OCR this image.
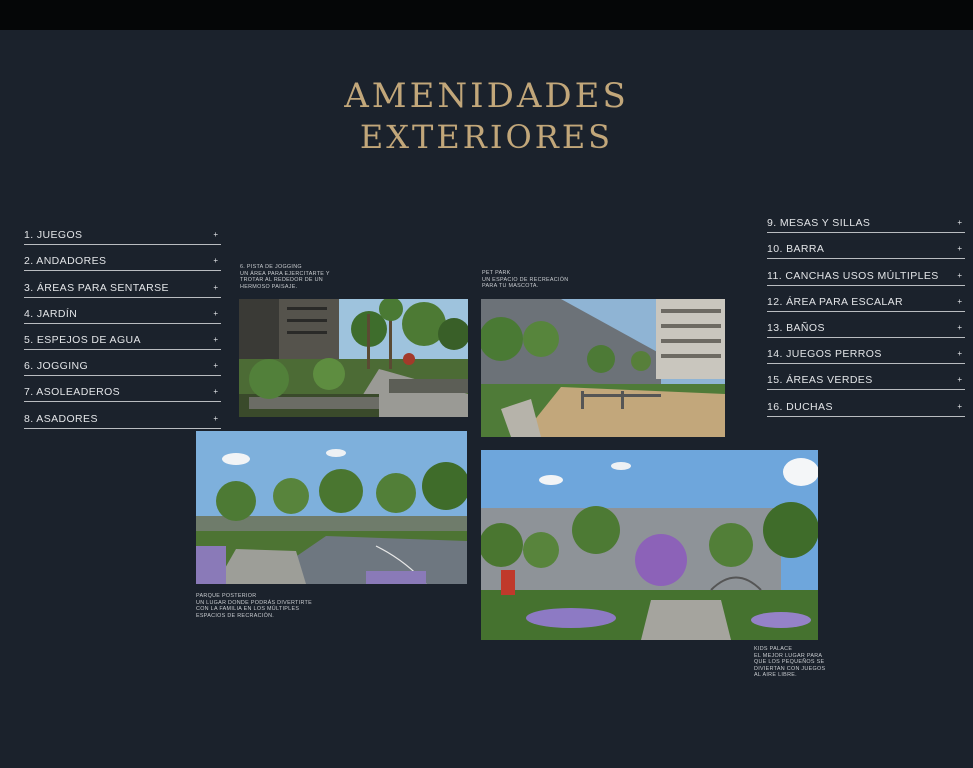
AMENIDADES
EXTERIORES
1. JUEGOS	+
2. ANDADORES	+
3. ÁREAS PARA SENTARSE	+
4. JARDÍN	+
5. ESPEJOS DE AGUA	+
6. JOGGING	+
7. ASOLEADEROS	+
8. ASADORES	+
9. MESAS Y SILLAS	+
10. BARRA	+
11. CANCHAS USOS MÚLTIPLES +
12. ÁREA PARA ESCALAR	+
13. BAÑOS	+
14. JUEGOS PERROS	+
15. ÁREAS VERDES	+
16. DUCHAS	+
6. PISTA DE JOGGING
UN ÁREA PARA EJERCITARTE Y
TROTAR AL REDEDOR DE UN
HERMOSO PAISAJE.
PET PARK
UN ESPACIO DE RECREACIÓN
PARA TU MASCOTA.
PARQUE POSTERIOR
UN LUGAR DONDE PODRÁS DIVERTIRTE
CON LA FAMILIA EN LOS MÚLTIPLES
ESPACIOS DE RECRACIÓN.
KIDS PALACE
EL MEJOR LUGAR PARA
QUE LOS PEQUEÑOS SE
DIVIERTAN CON JUEGOS
AL AIRE LIBRE.
